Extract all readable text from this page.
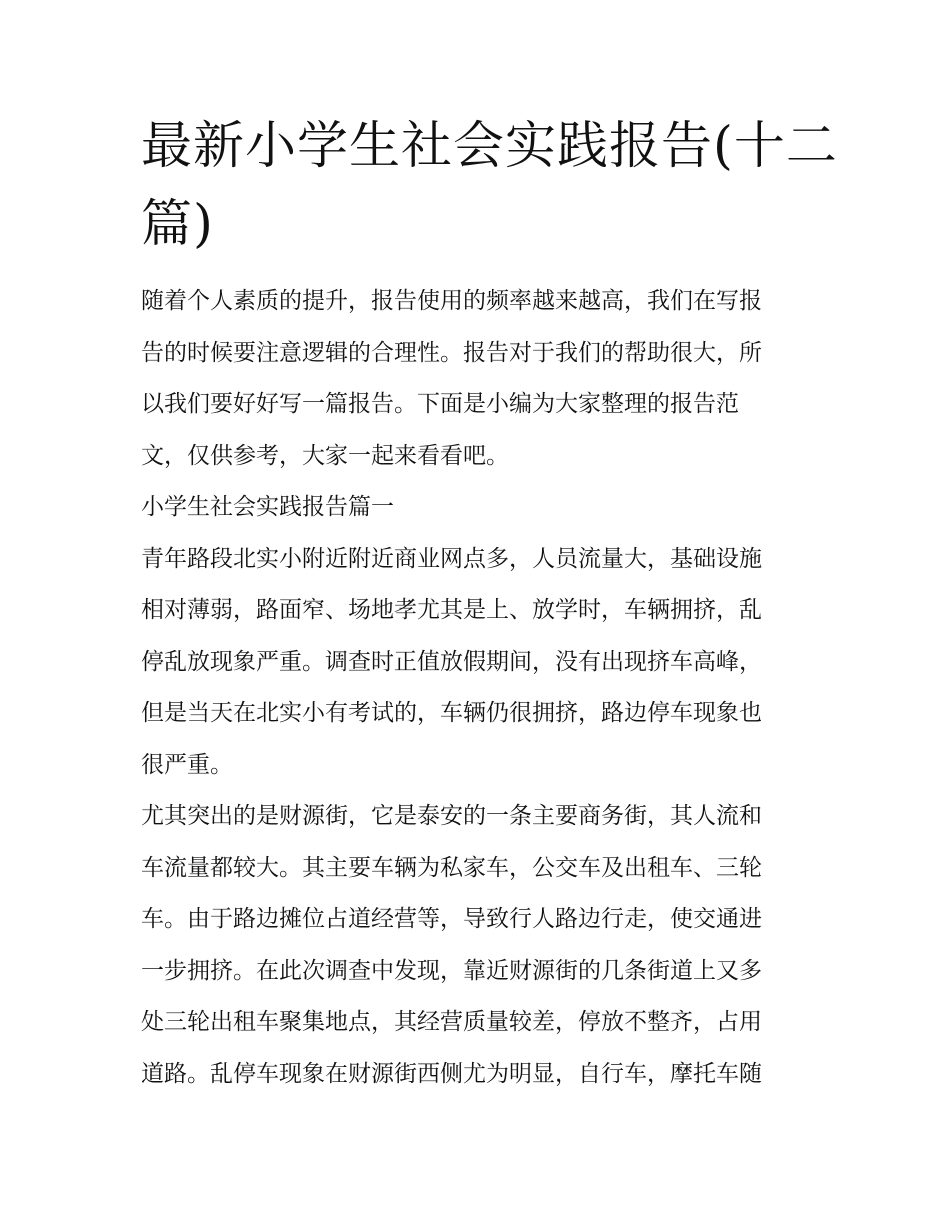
最新小学生社会实践报告(十二
篇)
随着个人素质的提升，报告使用的频率越来越高，我们在写报
告的时候要注意逻辑的合理性。报告对于我们的帮助很大，所
以我们要好好写一篇报告。下面是小编为大家整理的报告范
文，仅供参考，大家一起来看看吧。
小学生社会实践报告篇一
青年路段北实小附近附近商业网点多，人员流量大，基础设施
相对薄弱，路面窄、场地孝尤其是上、放学时，车辆拥挤，乱
停乱放现象严重。调查时正值放假期间，没有出现挤车高峰，
但是当天在北实小有考试的，车辆仍很拥挤，路边停车现象也
很严重。
尤其突出的是财源街，它是泰安的一条主要商务街，其人流和
车流量都较大。其主要车辆为私家车，公交车及出租车、三轮
车。由于路边摊位占道经营等，导致行人路边行走，使交通进
一步拥挤。在此次调查中发现，靠近财源街的几条街道上又多
处三轮出租车聚集地点，其经营质量较差，停放不整齐，占用
道路。乱停车现象在财源街西侧尤为明显，自行车，摩托车随
